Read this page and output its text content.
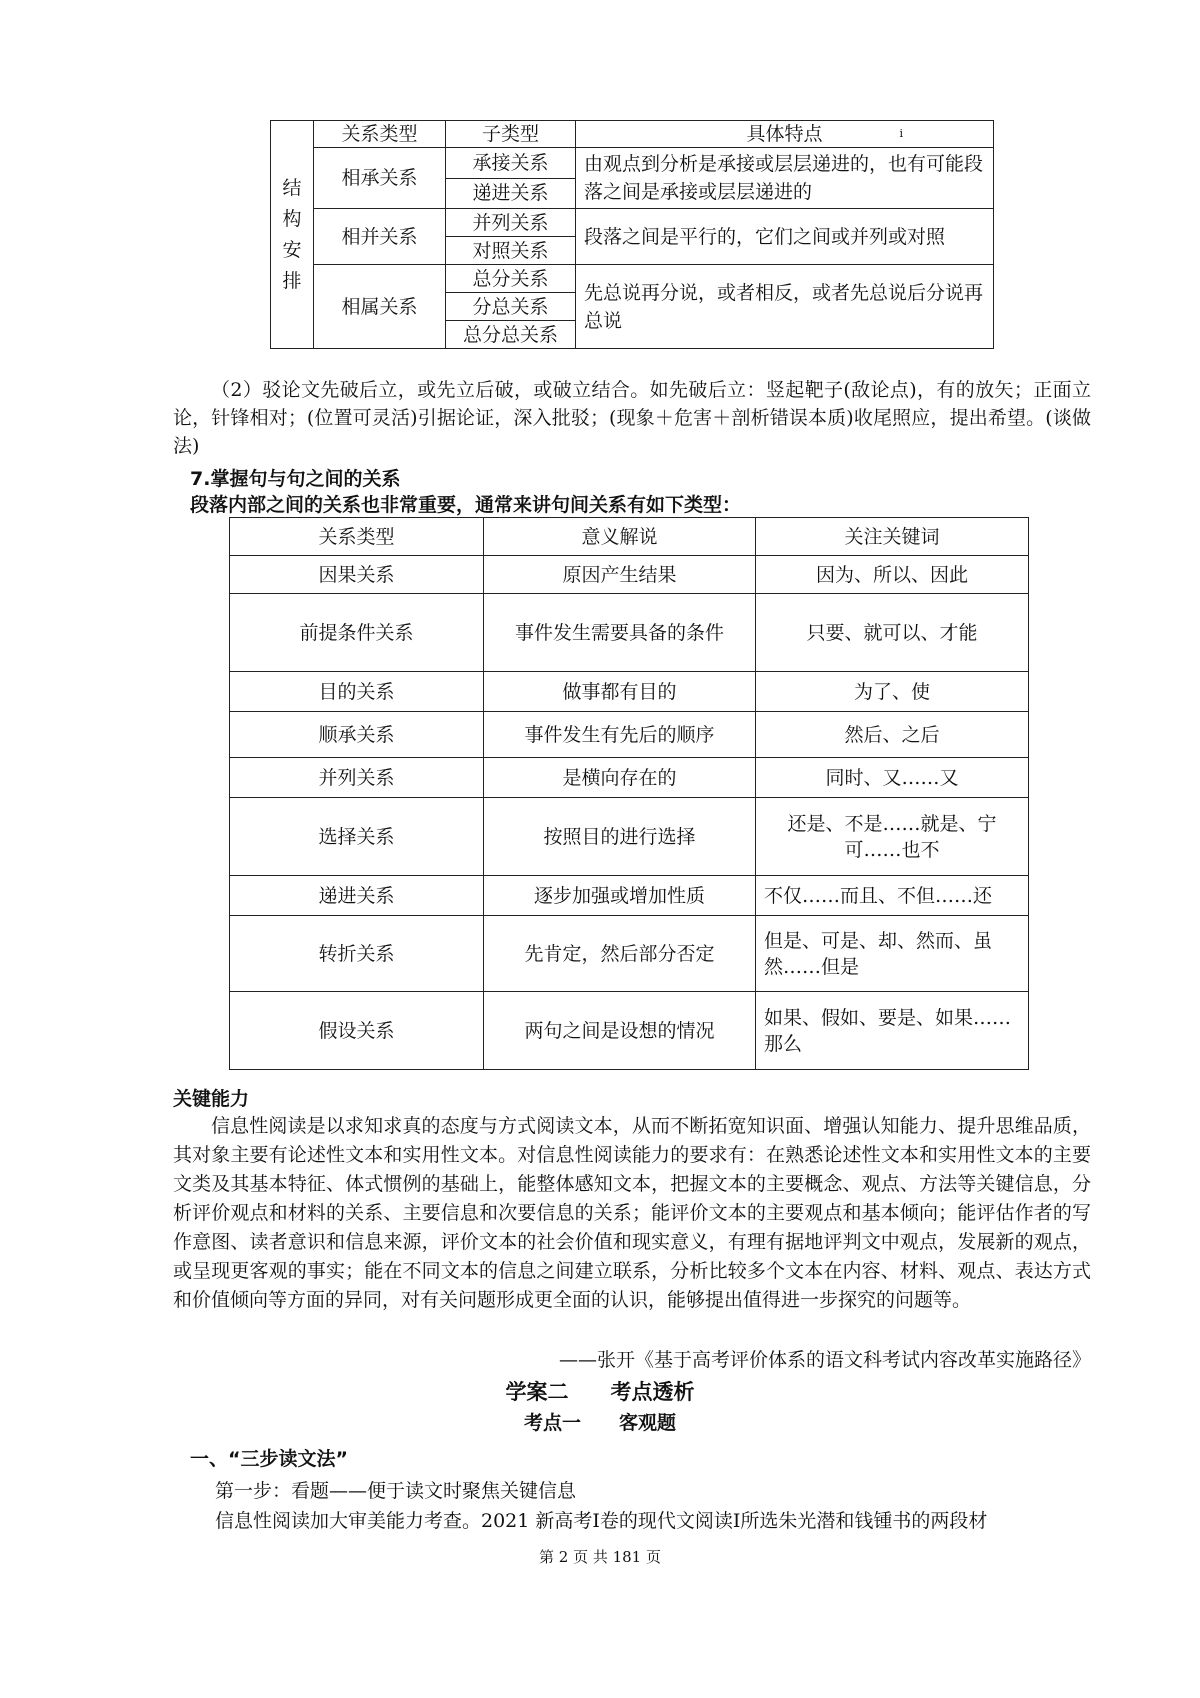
结构安排	关系类型	子类型	具体特点 i

	相承关系	承接关系	由观点到分析是承接或层层递进的，也有可能段落之间是承接或层层递进的
		递进关系	
	相并关系	并列关系	段落之间是平行的，它们之间或并列或对照
		对照关系	
	相属关系	总分关系	先总说再分说，或者相反，或者先总说后分说再总说
		分总关系	
		总分总关系	
（2）驳论文先破后立，或先立后破，或破立结合。如先破后立：竖起靶子(敌论点)，有的放矢；正面立论，针锋相对；(位置可灵活)引据论证，深入批驳；(现象＋危害＋剖析错误本质)收尾照应，提出希望。(谈做法)
7.掌握句与句之间的关系
段落内部之间的关系也非常重要，通常来讲句间关系有如下类型：
关系类型	意义解说	关注关键词
因果关系	原因产生结果	因为、所以、因此
前提条件关系	事件发生需要具备的条件	只要、就可以、才能
目的关系	做事都有目的	为了、使
顺承关系	事件发生有先后的顺序	然后、之后
并列关系	是横向存在的	同时、又……又
选择关系	按照目的进行选择	还是、不是……就是、宁可……也不
递进关系	逐步加强或增加性质	不仅……而且、不但……还
转折关系	先肯定，然后部分否定	但是、可是、却、然而、虽然……但是
假设关系	两句之间是设想的情况	如果、假如、要是、如果……那么
关键能力
信息性阅读是以求知求真的态度与方式阅读文本，从而不断拓宽知识面、增强认知能力、提升思维品质，其对象主要有论述性文本和实用性文本。对信息性阅读能力的要求有：在熟悉论述性文本和实用性文本的主要文类及其基本特征、体式惯例的基础上，能整体感知文本，把握文本的主要概念、观点、方法等关键信息，分析评价观点和材料的关系、主要信息和次要信息的关系；能评价文本的主要观点和基本倾向；能评估作者的写作意图、读者意识和信息来源，评价文本的社会价值和现实意义，有理有据地评判文中观点，发展新的观点，或呈现更客观的事实；能在不同文本的信息之间建立联系，分析比较多个文本在内容、材料、观点、表达方式和价值倾向等方面的异同，对有关问题形成更全面的认识，能够提出值得进一步探究的问题等。
——张开《基于高考评价体系的语文科考试内容改革实施路径》
学案二　　考点透析
考点一　　客观题
一、“三步读文法”
第一步：看题——便于读文时聚焦关键信息
信息性阅读加大审美能力考查。2021 新高考Ⅰ卷的现代文阅读Ⅰ所选朱光潜和钱锺书的两段材
第 2 页 共 181 页
